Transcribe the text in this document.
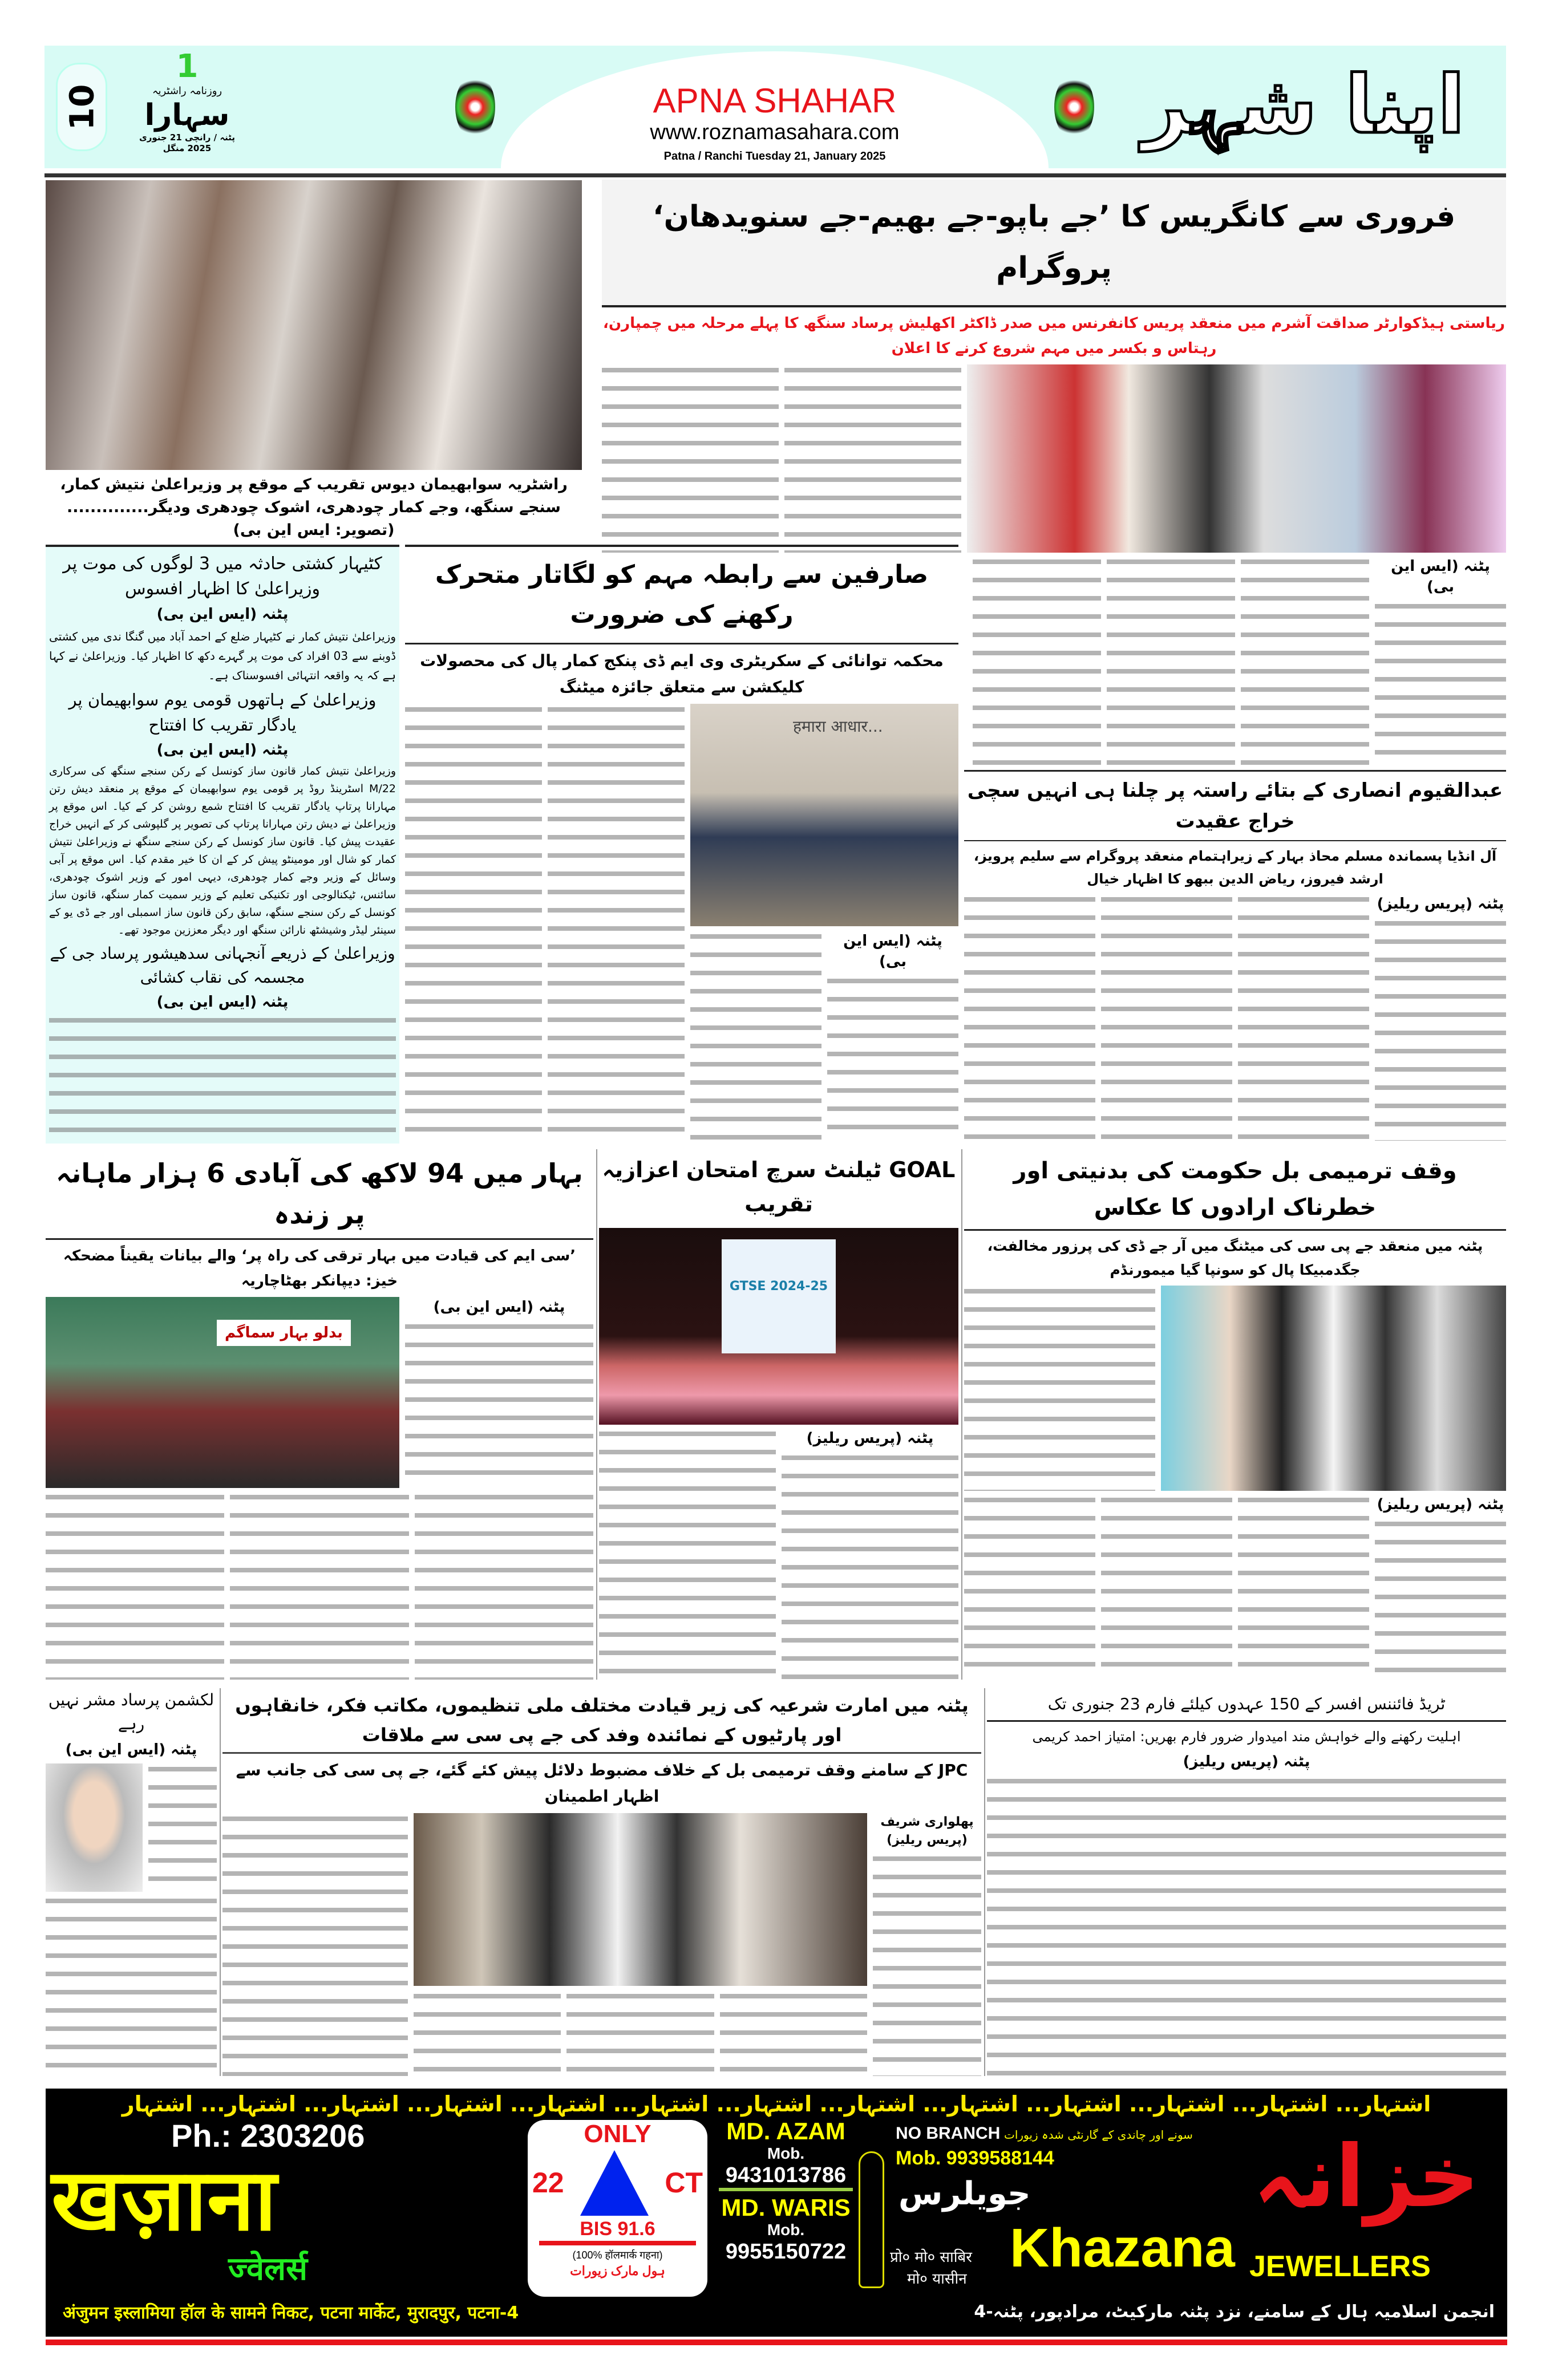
10
1
روزنامہ راشٹریہ
سہارا
پٹنہ / رانچی 21 جنوری 2025 منگل
APNA SHAHAR
www.roznamasahara.com
Patna / Ranchi Tuesday 21, January 2025
اپنا شہر
راشٹریہ سوابھیمان دیوس تقریب کے موقع پر وزیراعلیٰ نتیش کمار، سنجے سنگھ، وجے کمار چودھری، اشوک چودھری ودیگر..............(تصویر: ایس این بی)
فروری سے کانگریس کا ’جے باپو-جے بھیم-جے سنویدھان‘ پروگرام
ریاستی ہیڈکوارٹر صداقت آشرم میں منعقد پریس کانفرنس میں صدر ڈاکٹر اکھلیش پرساد سنگھ کا پہلے مرحلہ میں چمپارن، رہتاس و بکسر میں مہم شروع کرنے کا اعلان
پٹنہ (ایس این بی)
کٹیہار کشتی حادثہ میں 3 لوگوں کی موت پر وزیراعلیٰ کا اظہار افسوس
پٹنہ (ایس این بی)
وزیراعلیٰ نتیش کمار نے کٹیہار ضلع کے احمد آباد میں گنگا ندی میں کشتی ڈوبنے سے 03 افراد کی موت پر گہرے دکھ کا اظہار کیا۔ وزیراعلیٰ نے کہا ہے کہ یہ واقعہ انتہائی افسوسناک ہے۔
وزیراعلیٰ کے ہاتھوں قومی یوم سوابھیمان پر یادگار تقریب کا افتتاح
پٹنہ (ایس این بی)
وزیراعلیٰ نتیش کمار قانون ساز کونسل کے رکن سنجے سنگھ کی سرکاری 22/M اسٹرینڈ روڈ پر قومی یوم سوابھیمان کے موقع پر منعقد دیش رتن مہارانا پرتاپ یادگار تقریب کا افتتاح شمع روشن کر کے کیا۔ اس موقع پر وزیراعلیٰ نے دیش رتن مہارانا پرتاپ کی تصویر پر گلپوشی کر کے انہیں خراج عقیدت پیش کیا۔ قانون ساز کونسل کے رکن سنجے سنگھ نے وزیراعلیٰ نتیش کمار کو شال اور مومینٹو پیش کر کے ان کا خیر مقدم کیا۔ اس موقع پر آبی وسائل کے وزیر وجے کمار چودھری، دیہی امور کے وزیر اشوک چودھری، سائنس، ٹیکنالوجی اور تکنیکی تعلیم کے وزیر سمیت کمار سنگھ، قانون ساز کونسل کے رکن سنجے سنگھ، سابق رکن قانون ساز اسمبلی اور جے ڈی یو کے سینئر لیڈر وشیشٹھ نارائن سنگھ اور دیگر معززین موجود تھے۔
وزیراعلیٰ کے ذریعے آنجہانی سدھیشور پرساد جی کے مجسمہ کی نقاب کشائی
پٹنہ (ایس این بی)
صارفین سے رابطہ مہم کو لگاتار متحرک رکھنے کی ضرورت
محکمہ توانائی کے سکریٹری وی ایم ڈی پنکج کمار پال کی محصولات کلیکشن سے متعلق جائزہ میٹنگ
हमारा आधार...
پٹنہ (ایس این بی)
عبدالقیوم انصاری کے بتائے راستہ پر چلنا ہی انہیں سچی خراج عقیدت
آل انڈیا پسماندہ مسلم محاذ بہار کے زیراہتمام منعقد پروگرام سے سلیم پرویز، ارشد فیروز، ریاض الدین ببھو کا اظہار خیال
پٹنہ (پریس ریلیز)
بہار میں 94 لاکھ کی آبادی 6 ہزار ماہانہ پر زندہ
’سی ایم کی قیادت میں بہار ترقی کی راہ پر‘ والے بیانات یقیناً مضحکہ خیز: دیپانکر بھٹاچاریہ
بدلو بہار سماگم
پٹنہ (ایس این بی)
GOAL ٹیلنٹ سرچ امتحان اعزازیہ تقریب
GTSE 2024-25
پٹنہ (پریس ریلیز)
وقف ترمیمی بل حکومت کی بدنیتی اور خطرناک ارادوں کا عکاس
پٹنہ میں منعقد جے پی سی کی میٹنگ میں آر جے ڈی کی پرزور مخالفت، جگدمبیکا پال کو سونپا گیا میمورنڈم
پٹنہ (پریس ریلیز)
لکشمن پرساد مشر نہیں رہے
پٹنہ (ایس این بی)
پٹنہ میں امارت شرعیہ کی زیر قیادت مختلف ملی تنظیموں، مکاتب فکر، خانقاہوں اور پارٹیوں کے نمائندہ وفد کی جے پی سی سے ملاقات
JPC کے سامنے وقف ترمیمی بل کے خلاف مضبوط دلائل پیش کئے گئے، جے پی سی کی جانب سے اظہار اطمینان
پھلواری شریف (پریس ریلیز)
ٹریڈ فائننس افسر کے 150 عہدوں کیلئے فارم 23 جنوری تک
اہلیت رکھنے والے خواہش مند امیدوار ضرور فارم بھریں: امتیاز احمد کریمی
پٹنہ (پریس ریلیز)
اشتہار... اشتہار... اشتہار... اشتہار... اشتہار... اشتہار... اشتہار... اشتہار... اشتہار... اشتہار... اشتہار... اشتہار... اشتہار
Ph.: 2303206
खज़ाना
ज्वेलर्स
ONLY
22	CT
BIS 91.6
(100% हॉलमार्क गहना)
ہول مارک زیورات
MD. AZAM
Mob.
9431013786
MD. WARIS
Mob.
9955150722
NO BRANCH سونے اور چاندی کے گارنٹی شدہ زیورات
Mob. 9939588144
جویلرس
प्रो० मो० साबिर
मो० यासीन
Khazana JEWELLERS
خزانہ
अंजुमन इस्लामिया हॉल के सामने निकट, पटना मार्केट, मुरादपुर, पटना-4	انجمن اسلامیہ ہال کے سامنے، نزد پٹنہ مارکیٹ، مرادپور، پٹنہ-4
